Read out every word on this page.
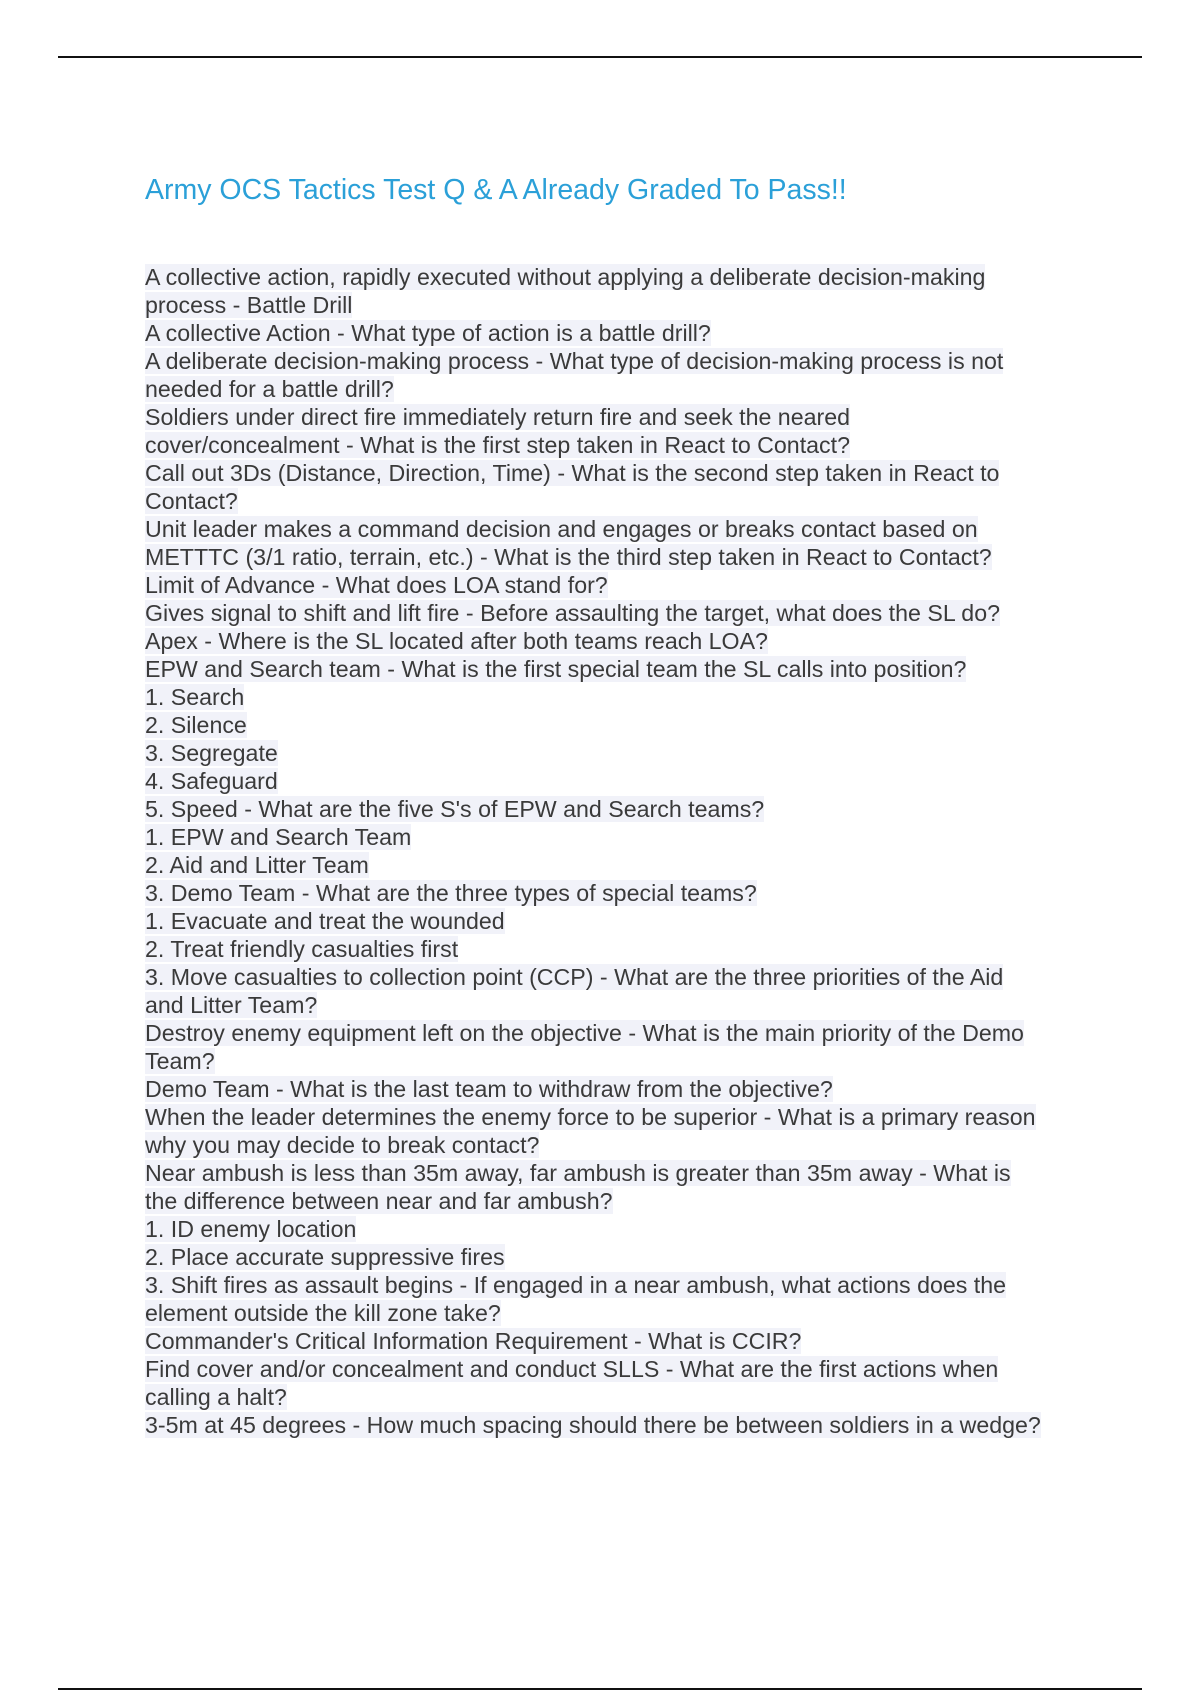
Army OCS Tactics Test Q & A Already Graded To Pass!!
A collective action, rapidly executed without applying a deliberate decision-making
process - Battle Drill
A collective Action - What type of action is a battle drill?
A deliberate decision-making process - What type of decision-making process is not
needed for a battle drill?
Soldiers under direct fire immediately return fire and seek the neared
cover/concealment - What is the first step taken in React to Contact?
Call out 3Ds (Distance, Direction, Time) - What is the second step taken in React to
Contact?
Unit leader makes a command decision and engages or breaks contact based on
METTTC (3/1 ratio, terrain, etc.) - What is the third step taken in React to Contact?
Limit of Advance - What does LOA stand for?
Gives signal to shift and lift fire - Before assaulting the target, what does the SL do?
Apex - Where is the SL located after both teams reach LOA?
EPW and Search team - What is the first special team the SL calls into position?
1. Search
2. Silence
3. Segregate
4. Safeguard
5. Speed - What are the five S's of EPW and Search teams?
1. EPW and Search Team
2. Aid and Litter Team
3. Demo Team - What are the three types of special teams?
1. Evacuate and treat the wounded
2. Treat friendly casualties first
3. Move casualties to collection point (CCP) - What are the three priorities of the Aid
and Litter Team?
Destroy enemy equipment left on the objective - What is the main priority of the Demo
Team?
Demo Team - What is the last team to withdraw from the objective?
When the leader determines the enemy force to be superior - What is a primary reason
why you may decide to break contact?
Near ambush is less than 35m away, far ambush is greater than 35m away - What is
the difference between near and far ambush?
1. ID enemy location
2. Place accurate suppressive fires
3. Shift fires as assault begins - If engaged in a near ambush, what actions does the
element outside the kill zone take?
Commander's Critical Information Requirement - What is CCIR?
Find cover and/or concealment and conduct SLLS - What are the first actions when
calling a halt?
3-5m at 45 degrees - How much spacing should there be between soldiers in a wedge?
